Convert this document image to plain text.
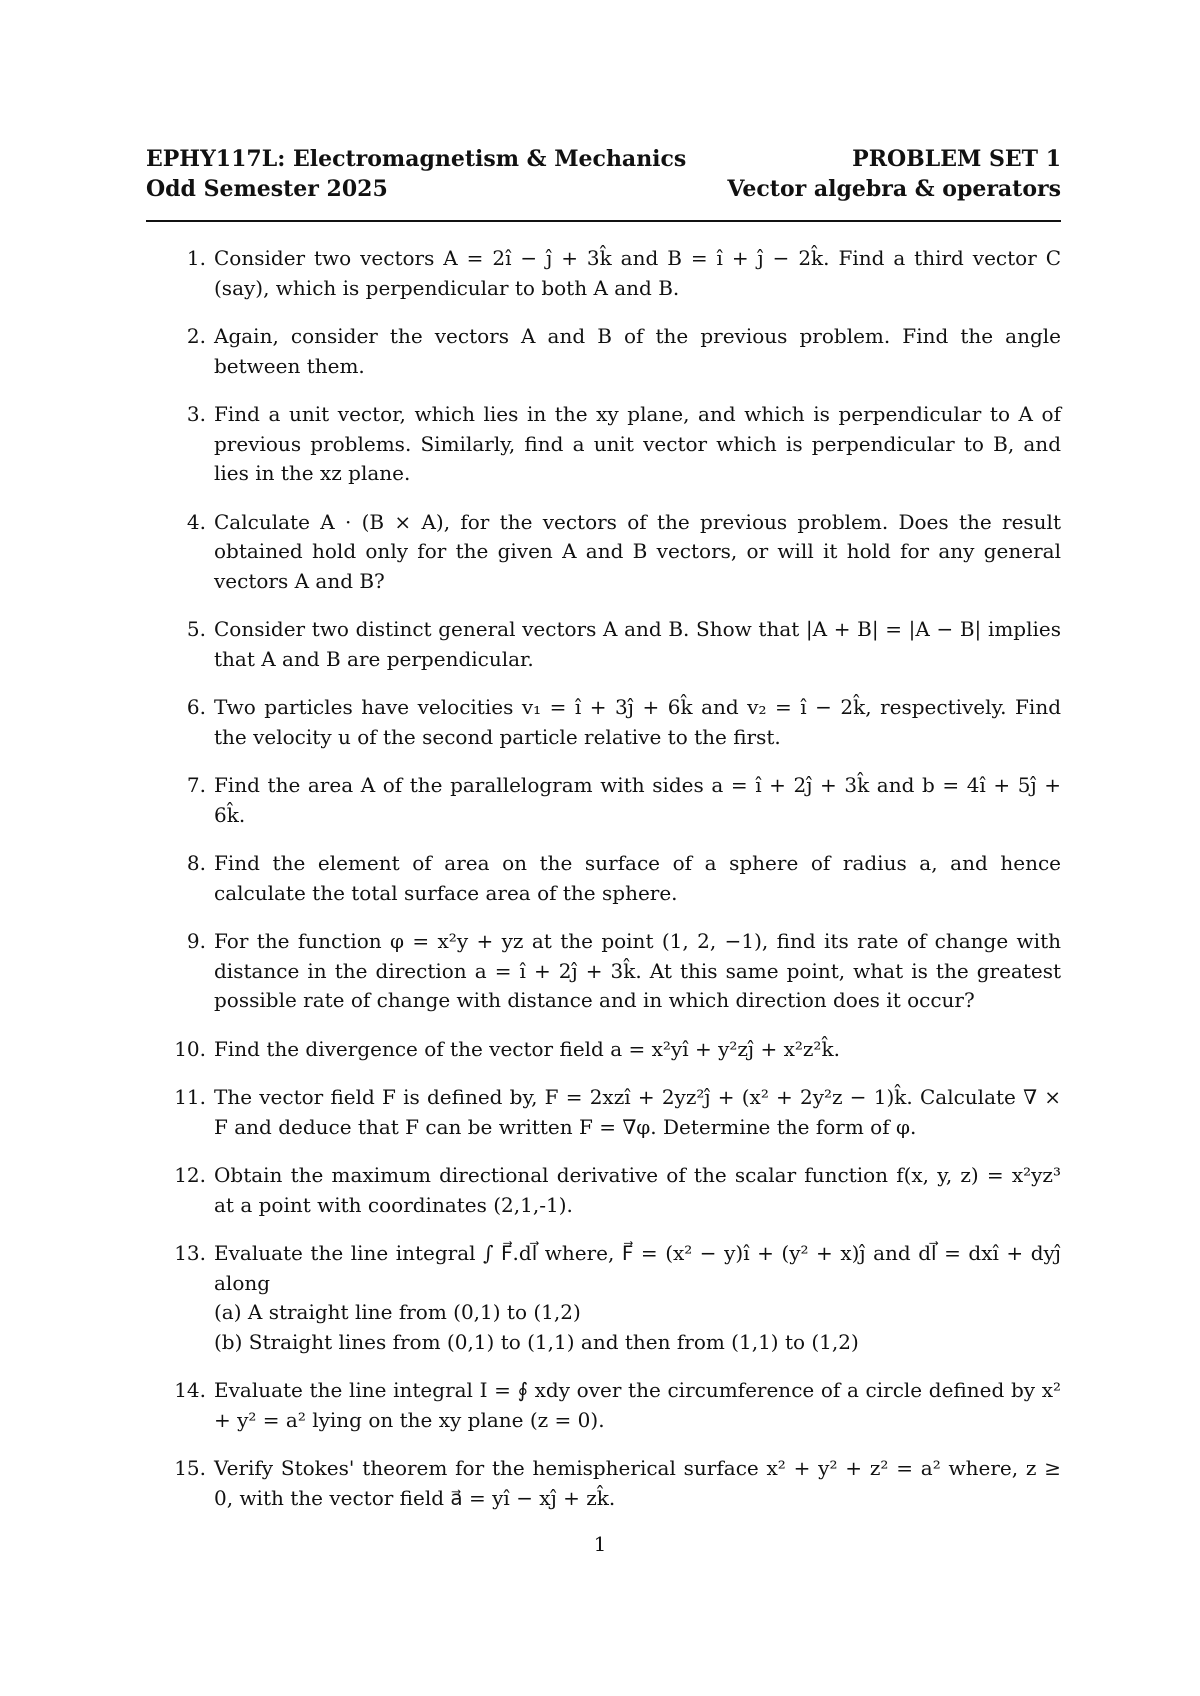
EPHY117L: Electromagnetism & Mechanics	PROBLEM SET 1
Odd Semester 2025	Vector algebra & operators
1. Consider two vectors A = 2î − ĵ + 3k̂ and B = î + ĵ − 2k̂. Find a third vector C (say), which is perpendicular to both A and B.
2. Again, consider the vectors A and B of the previous problem. Find the angle between them.
3. Find a unit vector, which lies in the xy plane, and which is perpendicular to A of previous problems. Similarly, find a unit vector which is perpendicular to B, and lies in the xz plane.
4. Calculate A · (B × A), for the vectors of the previous problem. Does the result obtained hold only for the given A and B vectors, or will it hold for any general vectors A and B?
5. Consider two distinct general vectors A and B. Show that |A + B| = |A − B| implies that A and B are perpendicular.
6. Two particles have velocities v₁ = î + 3ĵ + 6k̂ and v₂ = î − 2k̂, respectively. Find the velocity u of the second particle relative to the first.
7. Find the area A of the parallelogram with sides a = î + 2ĵ + 3k̂ and b = 4î + 5ĵ + 6k̂.
8. Find the element of area on the surface of a sphere of radius a, and hence calculate the total surface area of the sphere.
9. For the function φ = x²y + yz at the point (1, 2, −1), find its rate of change with distance in the direction a = î + 2ĵ + 3k̂. At this same point, what is the greatest possible rate of change with distance and in which direction does it occur?
10. Find the divergence of the vector field a = x²yî + y²zĵ + x²z²k̂.
11. The vector field F is defined by, F = 2xzî + 2yz²ĵ + (x² + 2y²z − 1)k̂. Calculate ∇ × F and deduce that F can be written F = ∇φ. Determine the form of φ.
12. Obtain the maximum directional derivative of the scalar function f(x, y, z) = x²yz³ at a point with coordinates (2,1,-1).
13. Evaluate the line integral ∫ F⃗.dl⃗ where, F⃗ = (x² − y)î + (y² + x)ĵ and dl⃗ = dxî + dyĵ along
(a) A straight line from (0,1) to (1,2)
(b) Straight lines from (0,1) to (1,1) and then from (1,1) to (1,2)
14. Evaluate the line integral I = ∮ xdy over the circumference of a circle defined by x² + y² = a² lying on the xy plane (z = 0).
15. Verify Stokes' theorem for the hemispherical surface x² + y² + z² = a² where, z ≥ 0, with the vector field a⃗ = yî − xĵ + zk̂.
1
